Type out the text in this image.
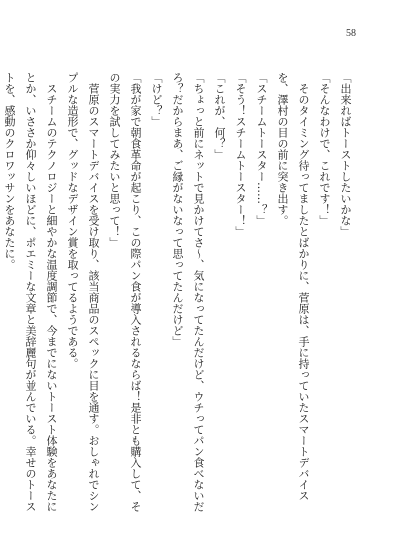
58

「出来ればトーストしたいかな」

「そんなわけで、これです！」

　そのタイミング待ってましたとばかりに、菅原は、手に持っていたスマートデバイス

を、澤村の目の前に突き出す。

「スチームトースター……？」

「そう！スチームトースター！」

「これが、何？」

「ちょっと前にネットで見かけてさ〜、気になってたんだけど、ウチってパン食べないだ

ろ？だからまあ、ご縁がないなって思ってたんだけど」

「けど？」

「我が家で朝食革命が起こり、この際パン食が導入されるならば！是非とも購入して、そ

の実力を試してみたいと思って！」

　菅原のスマートデバイスを受け取り、該当商品のスペックに目を通す。おしゃれでシン

プルな造形で、グッドなデザイン賞を取ってるようである。

　スチームのテクノロジーと細やかな温度調節で、今までにないトースト体験をあなたに

とか、いささか仰々しいほどに、ポエミーな文章と美辞麗句が並んでいる。幸せのトース

トを、感動のクロワッサンをあなたに。
